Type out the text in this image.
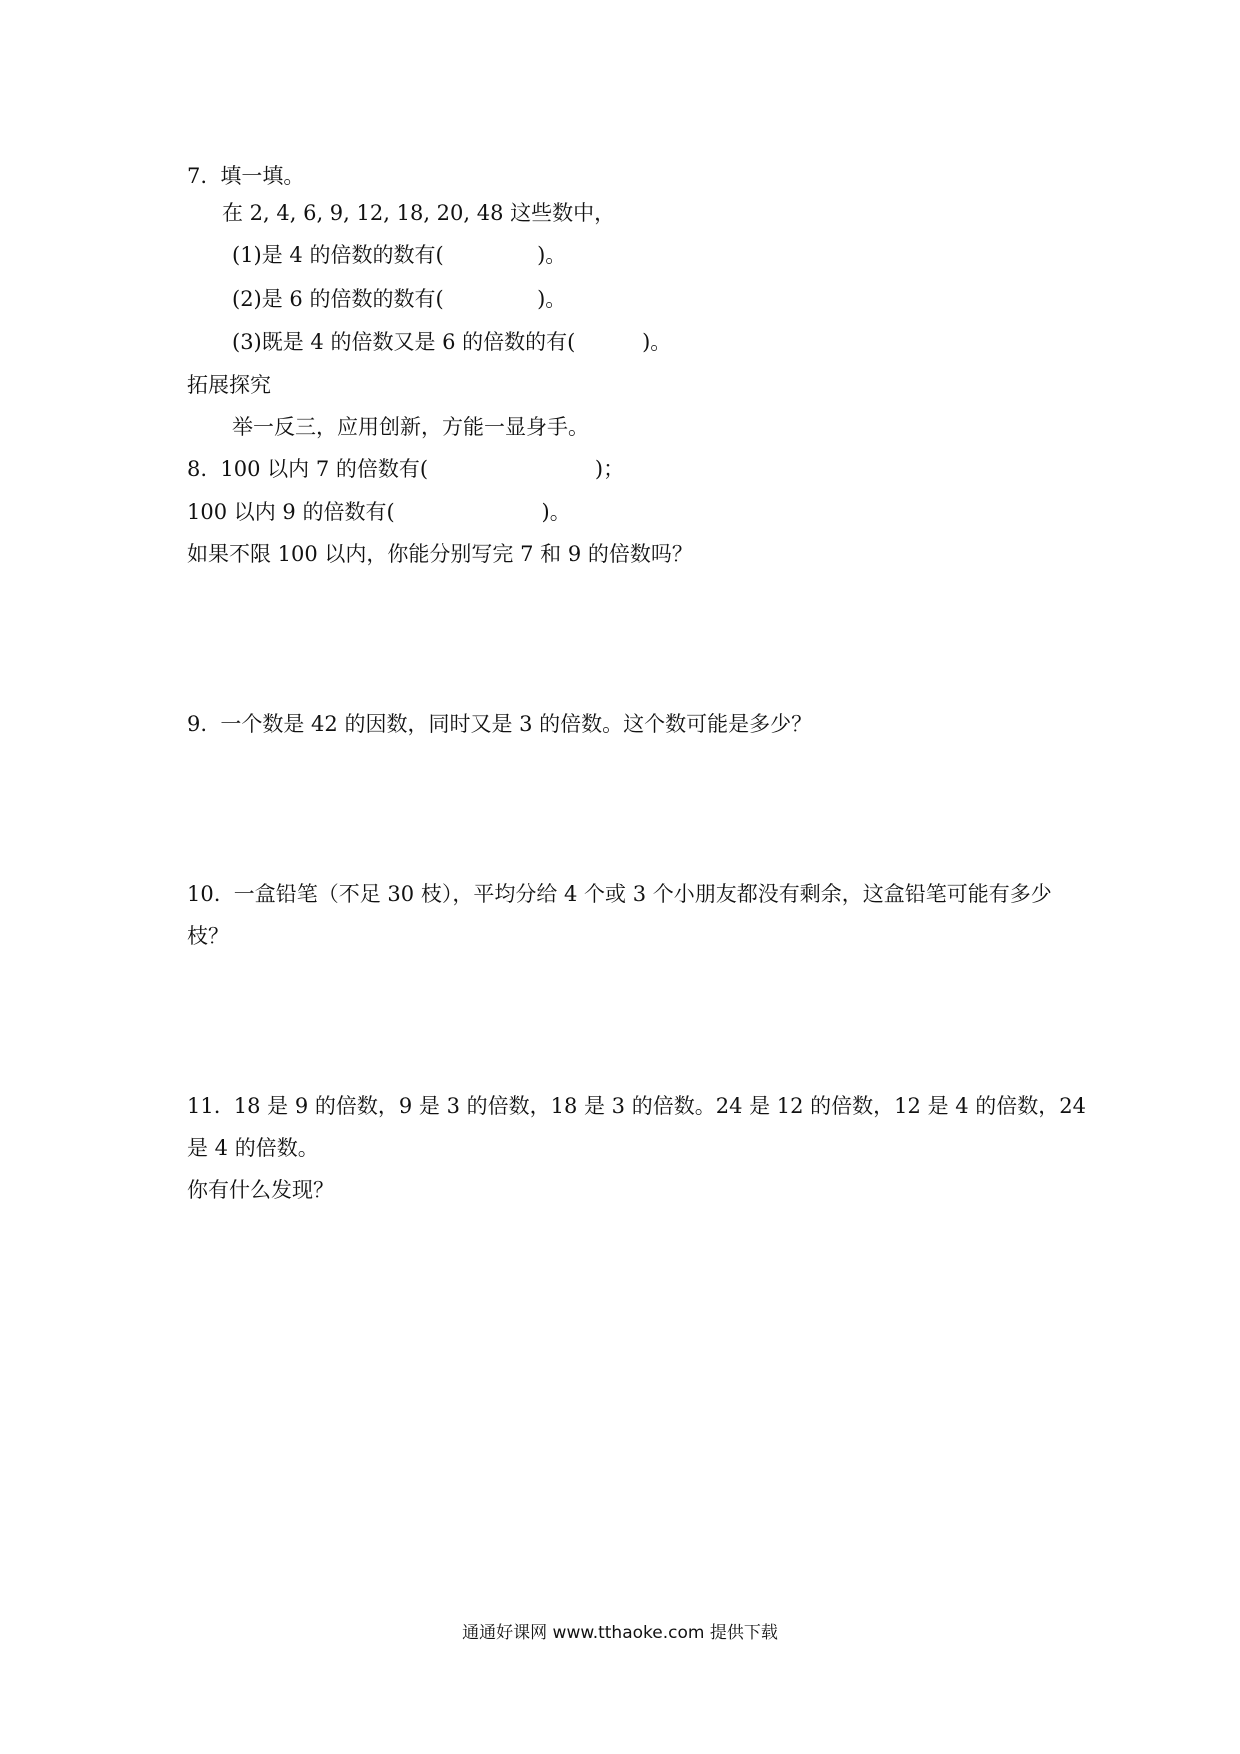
7.  填一填。
在 2, 4, 6, 9, 12, 18, 20, 48 这些数中，
(1)是 4 的倍数的数有(              )。
(2)是 6 的倍数的数有(              )。
(3)既是 4 的倍数又是 6 的倍数的有(          )。
拓展探究
举一反三，应用创新，方能一显身手。
8.  100 以内 7 的倍数有(                         )；
100 以内 9 的倍数有(                      )。
如果不限 100 以内，你能分别写完 7 和 9 的倍数吗？
9.  一个数是 42 的因数，同时又是 3 的倍数。这个数可能是多少？
10.  一盒铅笔（不足 30 枝），平均分给 4 个或 3 个小朋友都没有剩余，这盒铅笔可能有多少
枝？
11.  18 是 9 的倍数，9 是 3 的倍数，18 是 3 的倍数。24 是 12 的倍数，12 是 4 的倍数，24
是 4 的倍数。
你有什么发现？
通通好课网 www.tthaoke.com 提供下载
